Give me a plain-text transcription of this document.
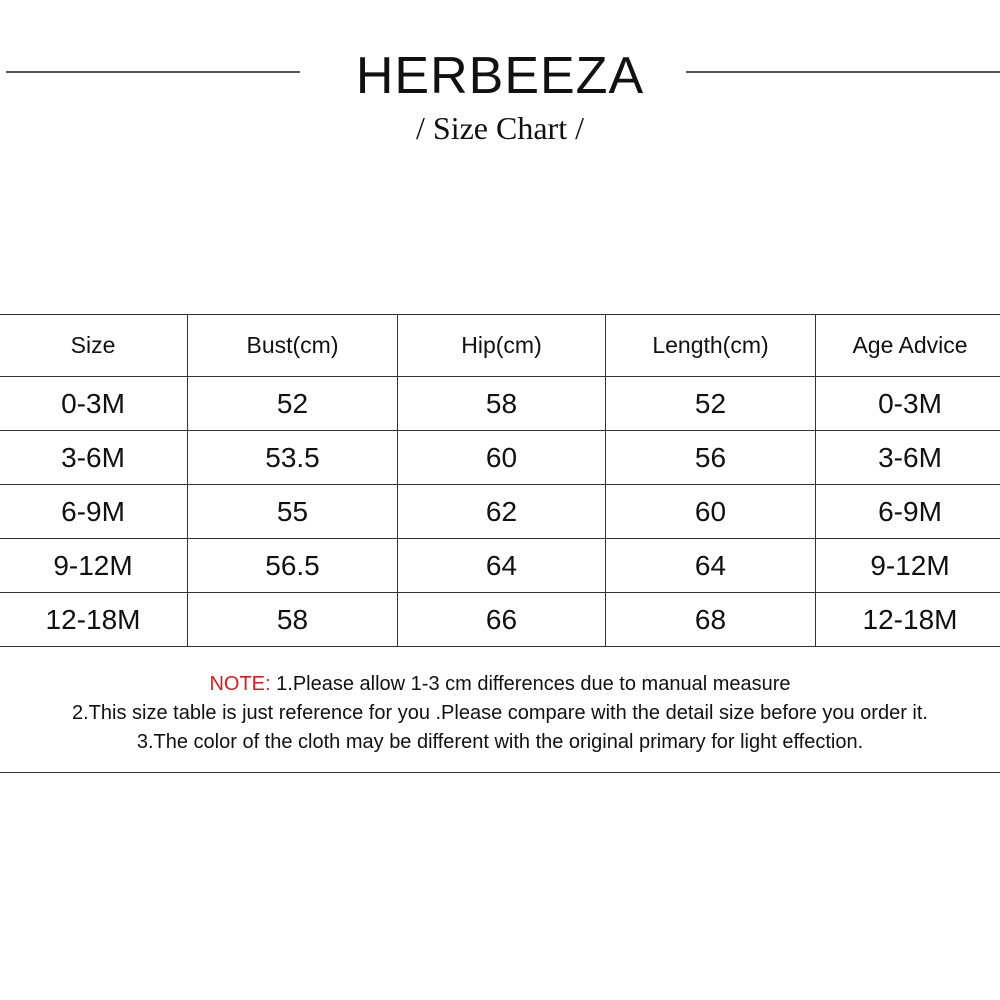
HERBEEZA
/ Size Chart /
Size	Bust(cm)	Hip(cm)	Length(cm)	Age Advice
0-3M	52	58	52	0-3M
3-6M	53.5	60	56	3-6M
6-9M	55	62	60	6-9M
9-12M	56.5	64	64	9-12M
12-18M	58	66	68	12-18M
NOTE: 1.Please allow 1-3 cm differences due to manual measure
2.This size table is just reference for you .Please compare with the detail size before you order it.
3.The color of the cloth may be different with the original primary for light effection.
